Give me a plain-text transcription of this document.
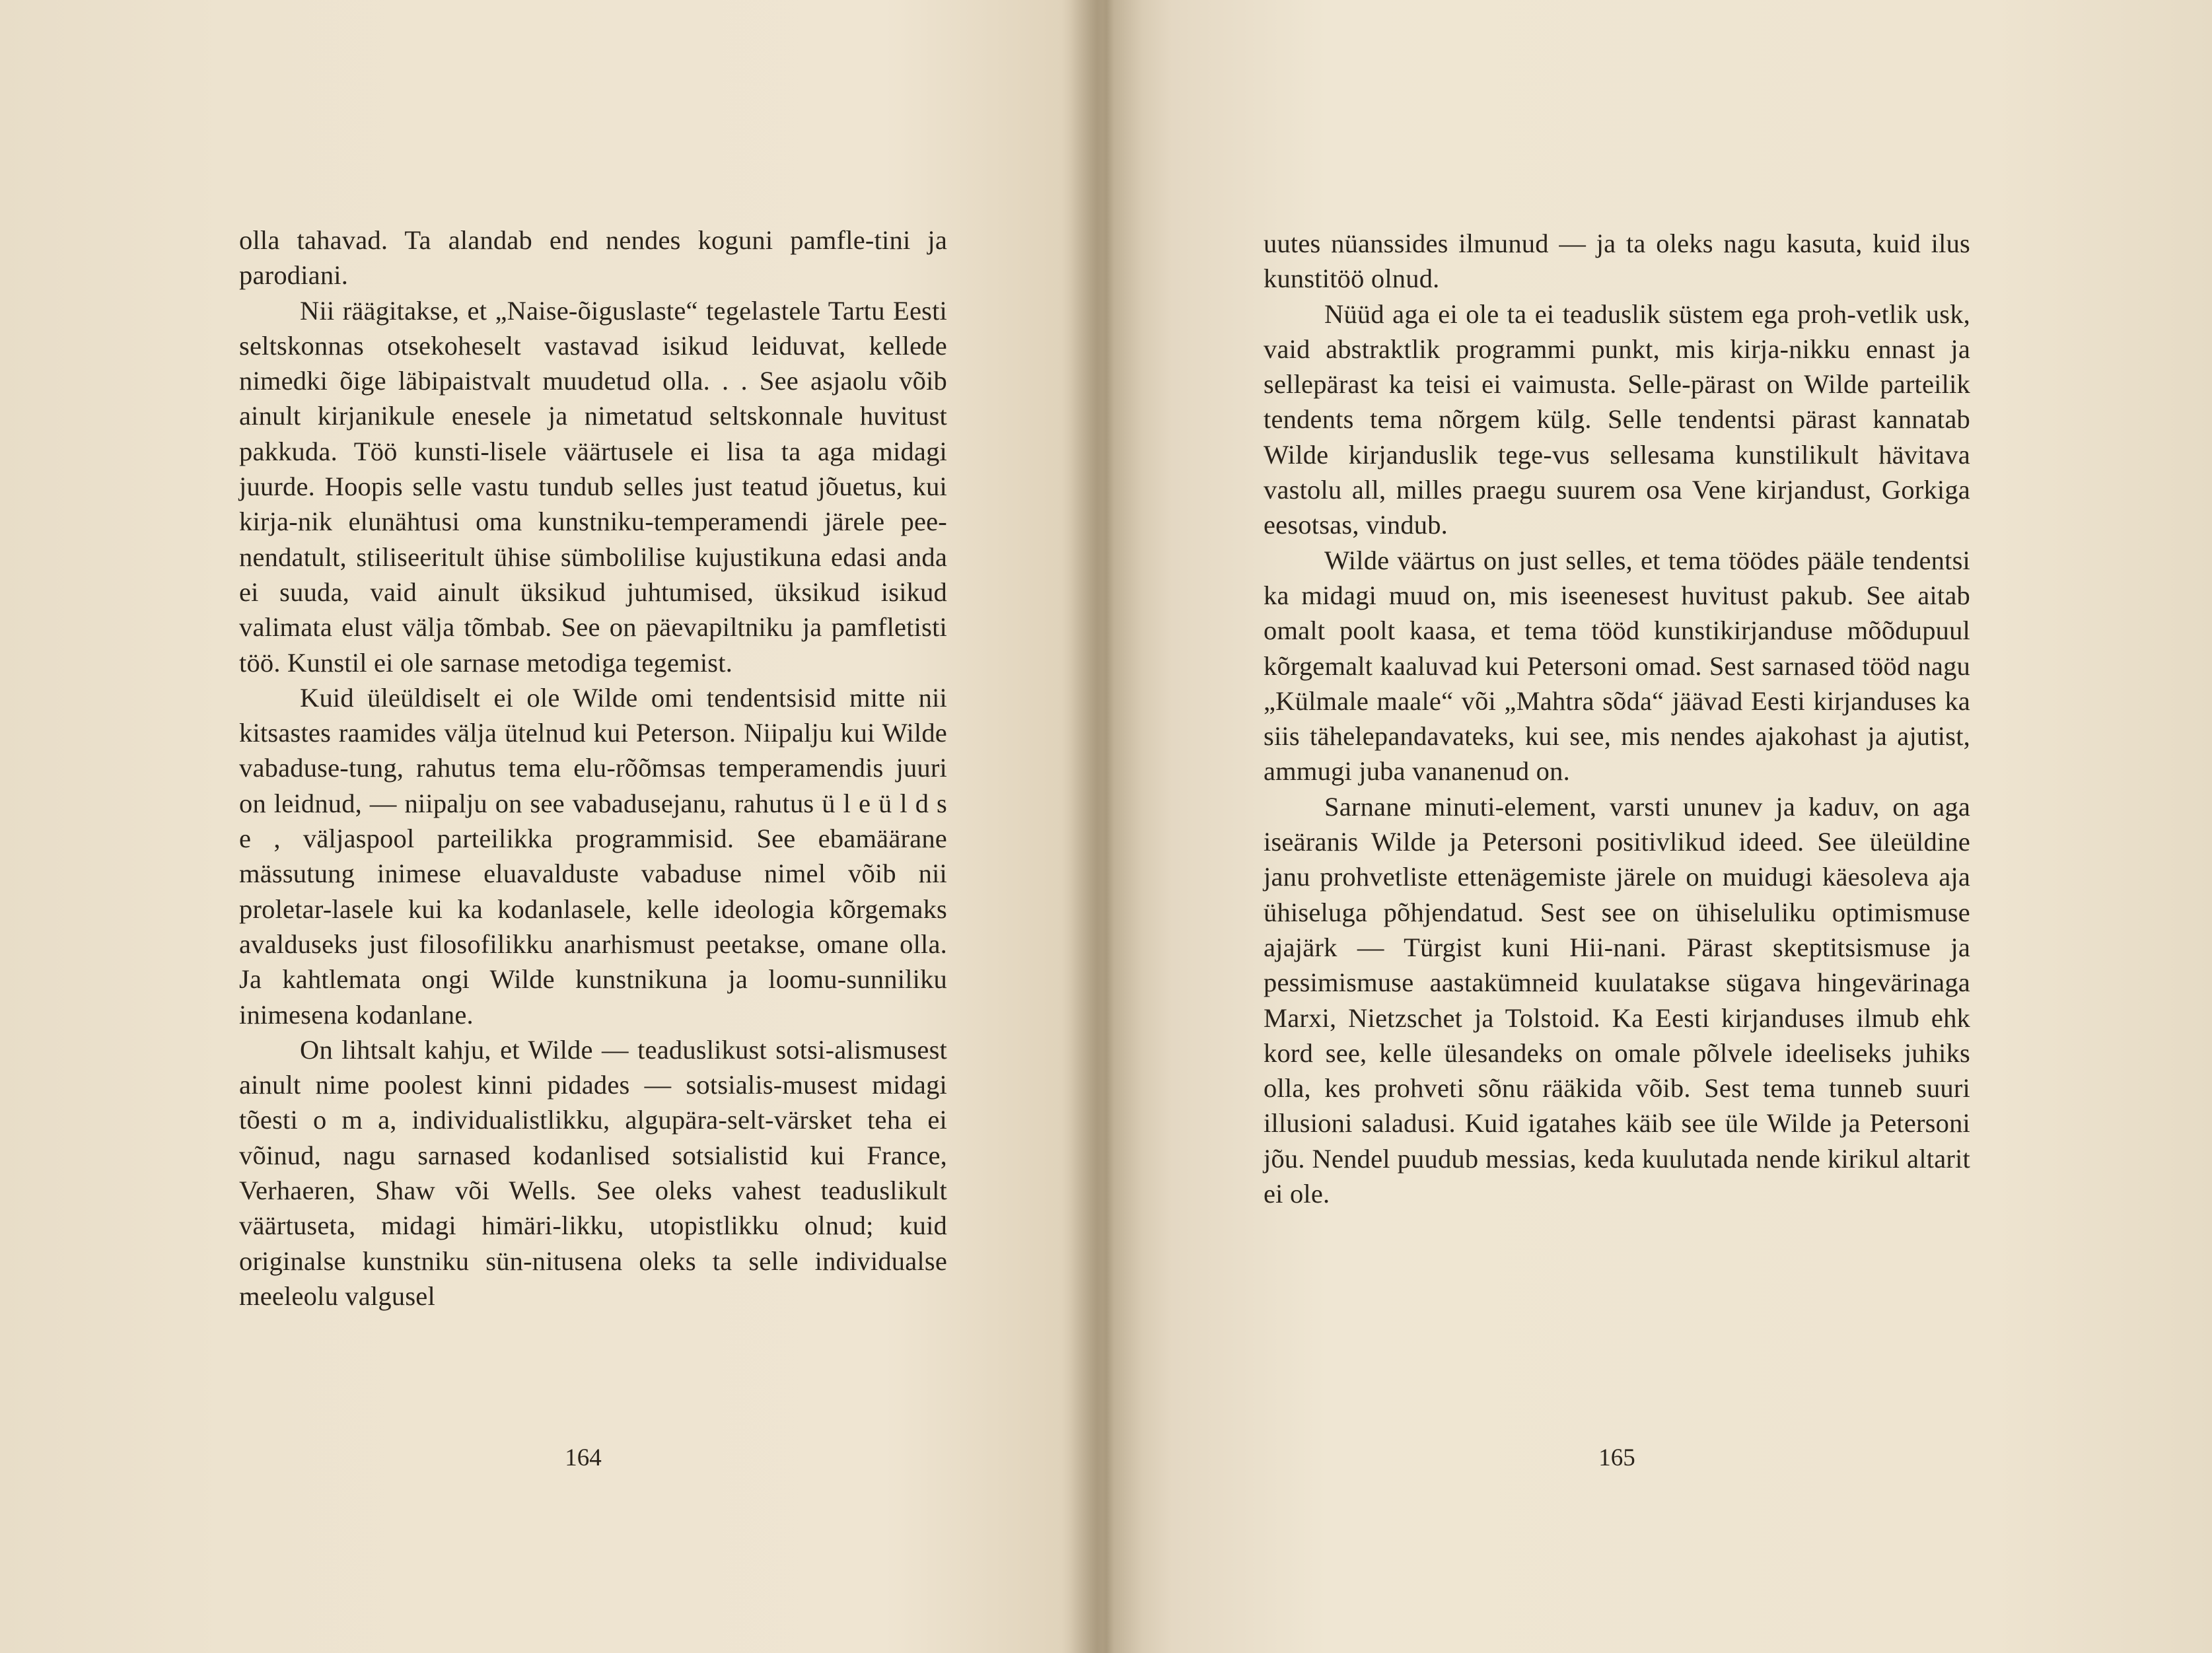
olla tahavad. Ta alandab end nendes koguni pamfle-tini ja parodiani.

Nii räägitakse, et „Naise-õiguslaste“ tegelastele Tartu Eesti seltskonnas otsekoheselt vastavad isikud leiduvat, kellede nimedki õige läbipaistvalt muudetud olla. . . See asjaolu võib ainult kirjanikule enesele ja nimetatud seltskonnale huvitust pakkuda. Töö kunsti-lisele väärtusele ei lisa ta aga midagi juurde. Hoopis selle vastu tundub selles just teatud jõuetus, kui kirja-nik elunähtusi oma kunstniku-temperamendi järele pee-nendatult, stiliseeritult ühise sümbolilise kujustikuna edasi anda ei suuda, vaid ainult üksikud juhtumised, üksikud isikud valimata elust välja tõmbab. See on päevapiltniku ja pamfletisti töö. Kunstil ei ole sarnase metodiga tegemist.

Kuid üleüldiselt ei ole Wilde omi tendentsisid mitte nii kitsastes raamides välja ütelnud kui Peterson. Niipalju kui Wilde vabaduse-tung, rahutus tema elu-rõõmsas temperamendis juuri on leidnud, — niipalju on see vabadusejanu, rahutus ü l e ü l d s e , väljaspool parteilikka programmisid. See ebamäärane mässutung inimese eluavalduste vabaduse nimel võib nii proletar-lasele kui ka kodanlasele, kelle ideologia kõrgemaks avalduseks just filosofilikku anarhismust peetakse, omane olla. Ja kahtlemata ongi Wilde kunstnikuna ja loomu-sunniliku inimesena kodanlane.

On lihtsalt kahju, et Wilde — teaduslikust sotsi-alismusest ainult nime poolest kinni pidades — sotsialis-musest midagi tõesti o m a, individualistlikku, algupära-selt-värsket teha ei võinud, nagu sarnased kodanlised sotsialistid kui France, Verhaeren, Shaw või Wells. See oleks vahest teaduslikult väärtuseta, midagi himäri-likku, utopistlikku olnud; kuid originalse kunstniku sün-nitusena oleks ta selle individualse meeleolu valgusel

164

uutes nüanssides ilmunud — ja ta oleks nagu kasuta, kuid ilus kunstitöö olnud.

Nüüd aga ei ole ta ei teaduslik süstem ega proh-vetlik usk, vaid abstraktlik programmi punkt, mis kirja-nikku ennast ja sellepärast ka teisi ei vaimusta. Selle-pärast on Wilde parteilik tendents tema nõrgem külg. Selle tendentsi pärast kannatab Wilde kirjanduslik tege-vus sellesama kunstilikult hävitava vastolu all, milles praegu suurem osa Vene kirjandust, Gorkiga eesotsas, vindub.

Wilde väärtus on just selles, et tema töödes pääle tendentsi ka midagi muud on, mis iseenesest huvitust pakub. See aitab omalt poolt kaasa, et tema tööd kunstikirjanduse mõõdupuul kõrgemalt kaaluvad kui Petersoni omad. Sest sarnased tööd nagu „Külmale maale“ või „Mahtra sõda“ jäävad Eesti kirjanduses ka siis tähelepandavateks, kui see, mis nendes ajakohast ja ajutist, ammugi juba vananenud on.

Sarnane minuti-element, varsti ununev ja kaduv, on aga iseäranis Wilde ja Petersoni positivlikud ideed. See üleüldine janu prohvetliste ettenägemiste järele on muidugi käesoleva aja ühiseluga põhjendatud. Sest see on ühiseluliku optimismuse ajajärk — Türgist kuni Hii-nani. Pärast skeptitsismuse ja pessimismuse aastakümneid kuulatakse sügava hingevärinaga Marxi, Nietzschet ja Tolstoid. Ka Eesti kirjanduses ilmub ehk kord see, kelle ülesandeks on omale põlvele ideeliseks juhiks olla, kes prohveti sõnu rääkida võib. Sest tema tunneb suuri illusioni saladusi. Kuid igatahes käib see üle Wilde ja Petersoni jõu. Nendel puudub messias, keda kuulutada nende kirikul altarit ei ole.

165
